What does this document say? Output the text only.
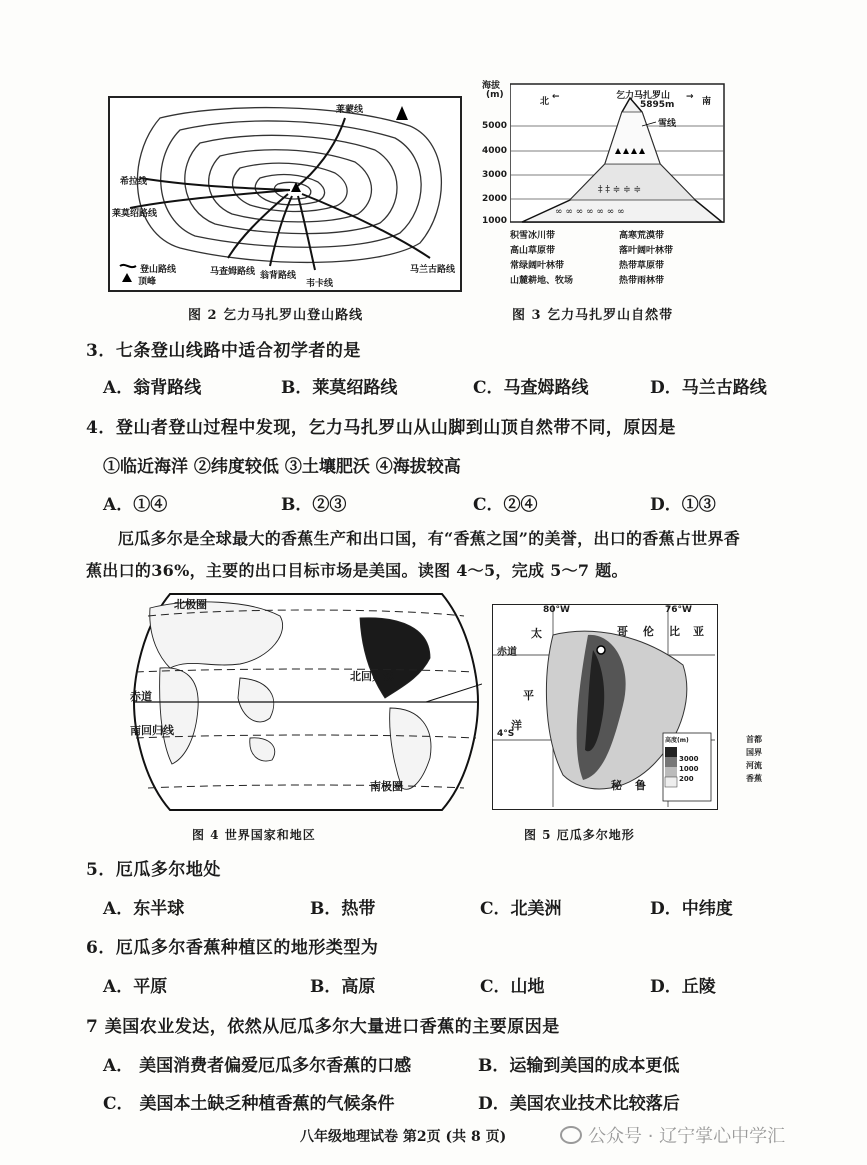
莱莫绍路线
希拉线
莱蒙线
马查姆路线 翁背路线
韦卡线
马兰古路线
登山路线
顶峰
图 2 乞力马扎罗山登山路线
海拔
(m)
5000
4000
3000
2000
1000
‡ ‡ ≑ ≑ ≑
∞ ∞ ∞ ∞ ∞ ∞ ∞
北 ←	→ 南
乞力马扎罗山
5895m
雪线
积雪冰川带	高寒荒漠带
高山草原带	落叶阔叶林带
常绿阔叶林带	热带草原带
山麓耕地、牧场	热带雨林带
图 3 乞力马扎罗山自然带
3．七条登山线路中适合初学者的是
A．翁背路线	B．莱莫绍路线	C．马查姆路线	D．马兰古路线
4．登山者登山过程中发现，乞力马扎罗山从山脚到山顶自然带不同，原因是
①临近海洋 ②纬度较低 ③土壤肥沃 ④海拔较高
A．①④	B．②③	C．②④	D．①③
厄瓜多尔是全球最大的香蕉生产和出口国，有“香蕉之国”的美誉，出口的香蕉占世界香
蕉出口的36%，主要的出口目标市场是美国。读图 4～5，完成 5～7 题。
北极圈
北回归线
赤道
南回归线
南极圈
图 4 世界国家和地区
80°W	76°W
哥 伦 比 亚
赤道
太
平
洋
4°S
秘 鲁
高度(m)
3000
1000
200
首都
国界
河流
香蕉
图 5 厄瓜多尔地形
5．厄瓜多尔地处
A．东半球	B．热带	C．北美洲	D．中纬度
6．厄瓜多尔香蕉种植区的地形类型为
A．平原	B．高原	C．山地	D．丘陵
7 美国农业发达，依然从厄瓜多尔大量进口香蕉的主要原因是
A． 美国消费者偏爱厄瓜多尔香蕉的口感	B．运输到美国的成本更低
C． 美国本土缺乏种植香蕉的气候条件	D．美国农业技术比较落后
八年级地理试卷 第2页 (共 8 页)	公众号 · 辽宁掌心中学汇
